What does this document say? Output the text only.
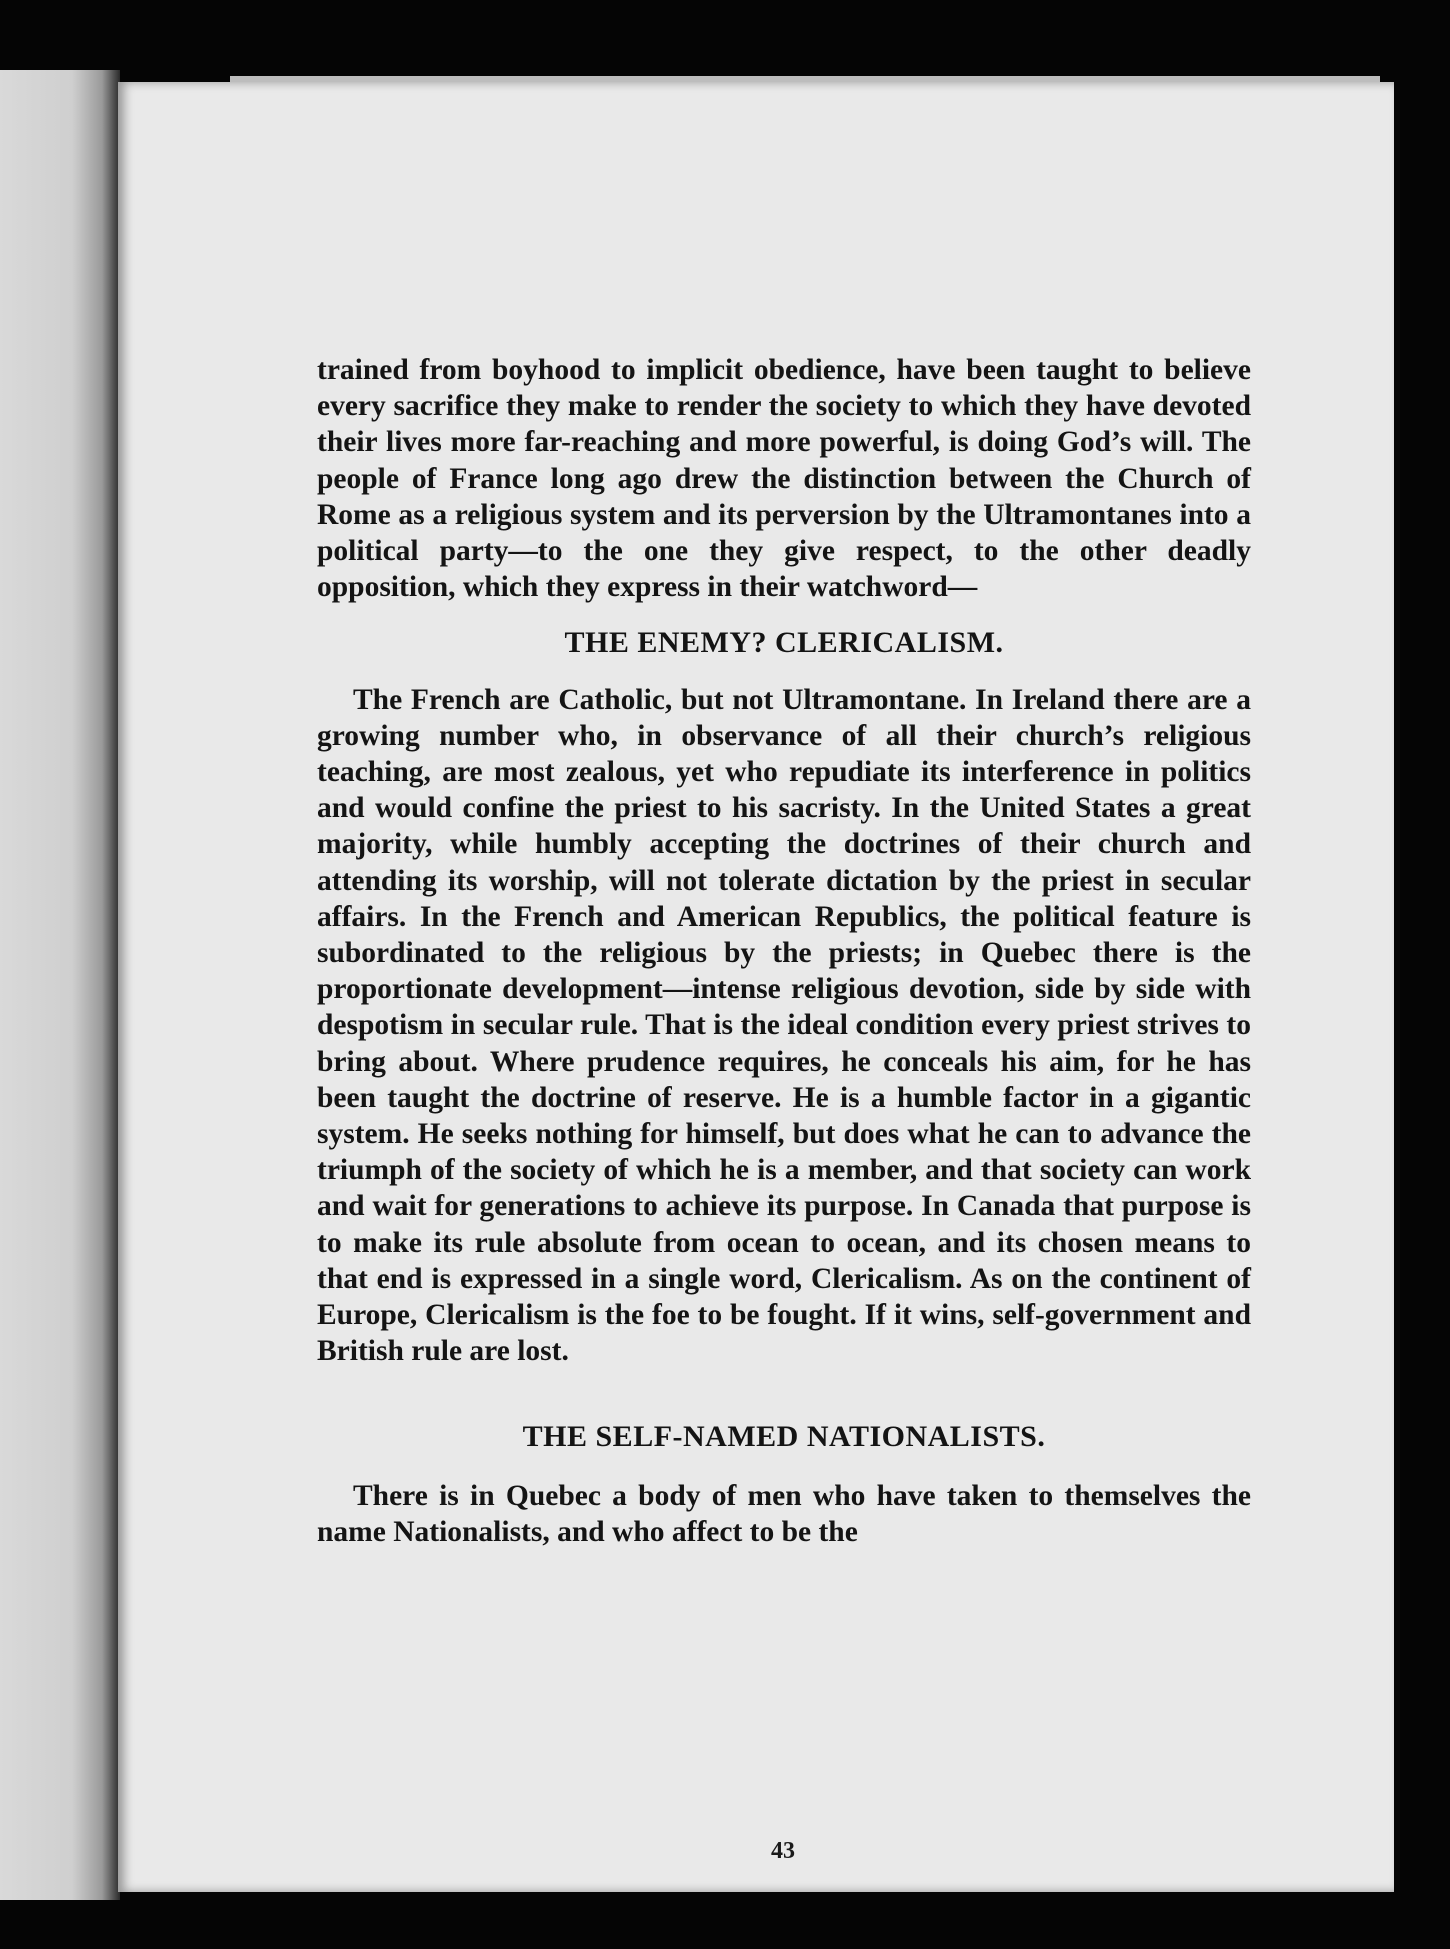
trained from boyhood to implicit obedience, have been taught to believe every sacrifice they make to render the society to which they have devoted their lives more far-reaching and more powerful, is doing God’s will. The people of France long ago drew the distinction between the Church of Rome as a religious system and its perversion by the Ultramontanes into a political party—to the one they give respect, to the other deadly opposition, which they express in their watchword—

THE ENEMY? CLERICALISM.

The French are Catholic, but not Ultramontane. In Ireland there are a growing number who, in observance of all their church’s religious teaching, are most zealous, yet who repudiate its interference in politics and would confine the priest to his sacristy. In the United States a great majority, while humbly accepting the doctrines of their church and attending its worship, will not tolerate dictation by the priest in secular affairs. In the French and American Republics, the political feature is subordinated to the religious by the priests; in Quebec there is the proportionate development—intense religious devotion, side by side with despotism in secular rule. That is the ideal condition every priest strives to bring about. Where prudence requires, he conceals his aim, for he has been taught the doctrine of reserve. He is a humble factor in a gigantic system. He seeks nothing for himself, but does what he can to advance the triumph of the society of which he is a member, and that society can work and wait for generations to achieve its purpose. In Canada that purpose is to make its rule absolute from ocean to ocean, and its chosen means to that end is expressed in a single word, Clericalism. As on the continent of Europe, Clericalism is the foe to be fought. If it wins, self-government and British rule are lost.

THE SELF-NAMED NATIONALISTS.

There is in Quebec a body of men who have taken to themselves the name Nationalists, and who affect to be the

43
